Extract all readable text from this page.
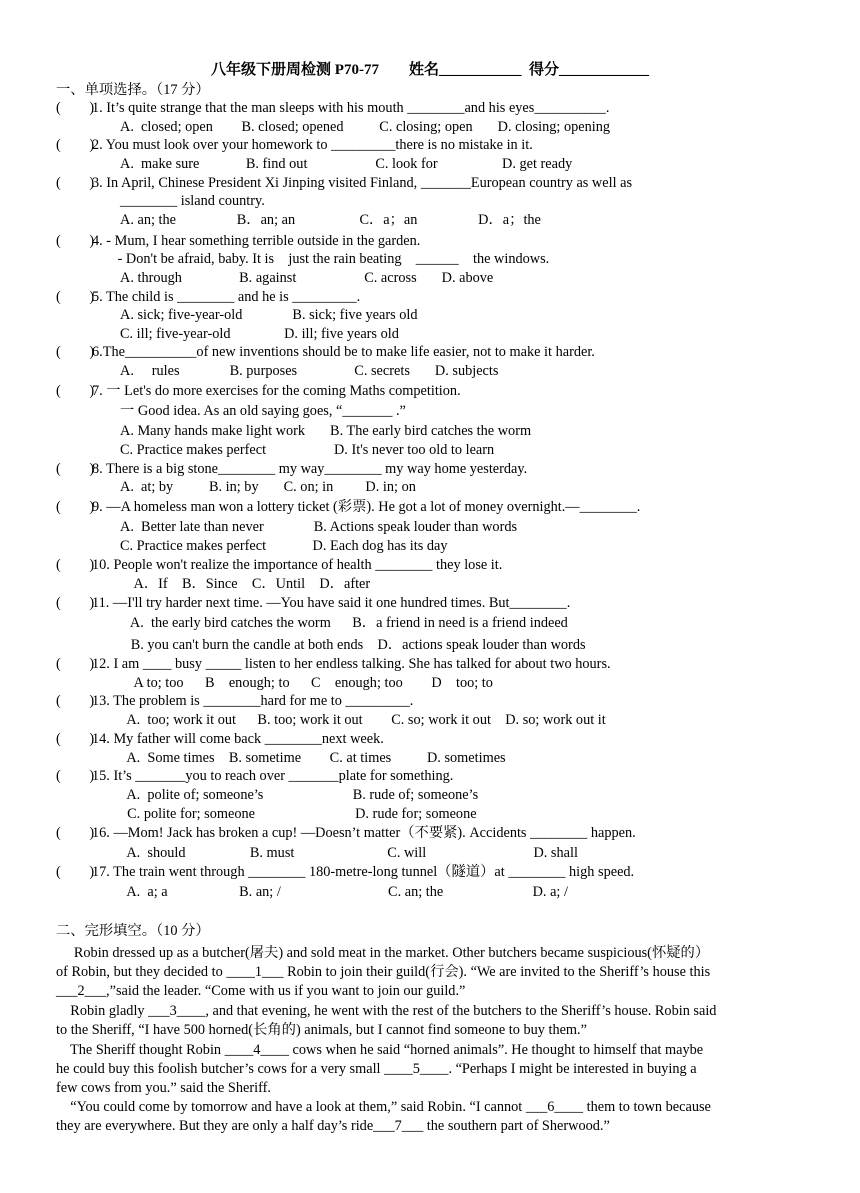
八年级下册周检测 P70-77        姓名___________  得分____________
一、单项选择。（17 分）
(        )
1. It’s quite strange that the man sleeps with his mouth ________and his eyes__________.
A.  closed; open        B. closed; opened          C. closing; open       D. closing; opening
(        )
2. You must look over your homework to _________there is no mistake in it.
A.  make sure             B. find out                   C. look for                  D. get ready
(        )
3. In April, Chinese President Xi Jinping visited Finland, _______European country as well as
________ island country.
A. an; the                 B．an; an                  C．a；an                 D．a；the
(        )
4. - Mum, I hear something terrible outside in the garden.
- Don't be afraid, baby. It is    just the rain beating    ______    the windows.
A. through                B. against                   C. across       D. above
(        )
5. The child is ________ and he is _________.
A. sick; five-year-old              B. sick; five years old
C. ill; five-year-old               D. ill; five years old
(        )
6.The__________of new inventions should be to make life easier, not to make it harder.
A.     rules              B. purposes                C. secrets       D. subjects
(        )
7. 一 Let's do more exercises for the coming Maths competition.
一 Good idea. As an old saying goes, “_______ .”
A. Many hands make light work       B. The early bird catches the worm
C. Practice makes perfect                   D. It's never too old to learn
(        )
8. There is a big stone________ my way________ my way home yesterday.
A.  at; by          B. in; by       C. on; in         D. in; on
(        )
9. —A homeless man won a lottery ticket (彩票). He got a lot of money overnight.—________.
A.  Better late than never              B. Actions speak louder than words
C. Practice makes perfect             D. Each dog has its day
(        )
10. People won't realize the importance of health ________ they lose it.
A．If    B．Since    C．Until    D．after
(        )
11. —I'll try harder next time. —You have said it one hundred times. But________.
A.  the early bird catches the worm      B．a friend in need is a friend indeed
B. you can't burn the candle at both ends    D．actions speak louder than words
(        )
12. I am ____ busy _____ listen to her endless talking. She has talked for about two hours.
A to; too      B    enough; to      C    enough; too        D    too; to
(        )
13. The problem is ________hard for me to _________.
A.  too; work it out      B. too; work it out        C. so; work it out    D. so; work out it
(        )
14. My father will come back ________next week.
A.  Some times    B. sometime        C. at times          D. sometimes
(        )
15. It’s _______you to reach over _______plate for something.
A.  polite of; someone’s                         B. rude of; someone’s
C. polite for; someone                            D. rude for; someone
(        )
16. —Mom! Jack has broken a cup! —Doesn’t matter（不要紧). Accidents ________ happen.
A.  should                  B. must                          C. will                              D. shall
(        )
17. The train went through ________ 180-metre-long tunnel（隧道）at ________ high speed.
A.  a; a                    B. an; /                              C. an; the                         D. a; /
二、完形填空。（10 分）
Robin dressed up as a butcher(屠夫) and sold meat in the market. Other butchers became suspicious(怀疑的）
of Robin, but they decided to ____1___ Robin to join their guild(行会). “We are invited to the Sheriff’s house this
___2___,”said the leader. “Come with us if you want to join our guild.”
Robin gladly ___3____, and that evening, he went with the rest of the butchers to the Sheriff’s house. Robin said
to the Sheriff, “I have 500 horned(长角的) animals, but I cannot find someone to buy them.”
The Sheriff thought Robin ____4____ cows when he said “horned animals”. He thought to himself that maybe
he could buy this foolish butcher’s cows for a very small ____5____. “Perhaps I might be interested in buying a
few cows from you.” said the Sheriff.
“You could come by tomorrow and have a look at them,” said Robin. “I cannot ___6____ them to town because
they are everywhere. But they are only a half day’s ride___7___ the southern part of Sherwood.”
